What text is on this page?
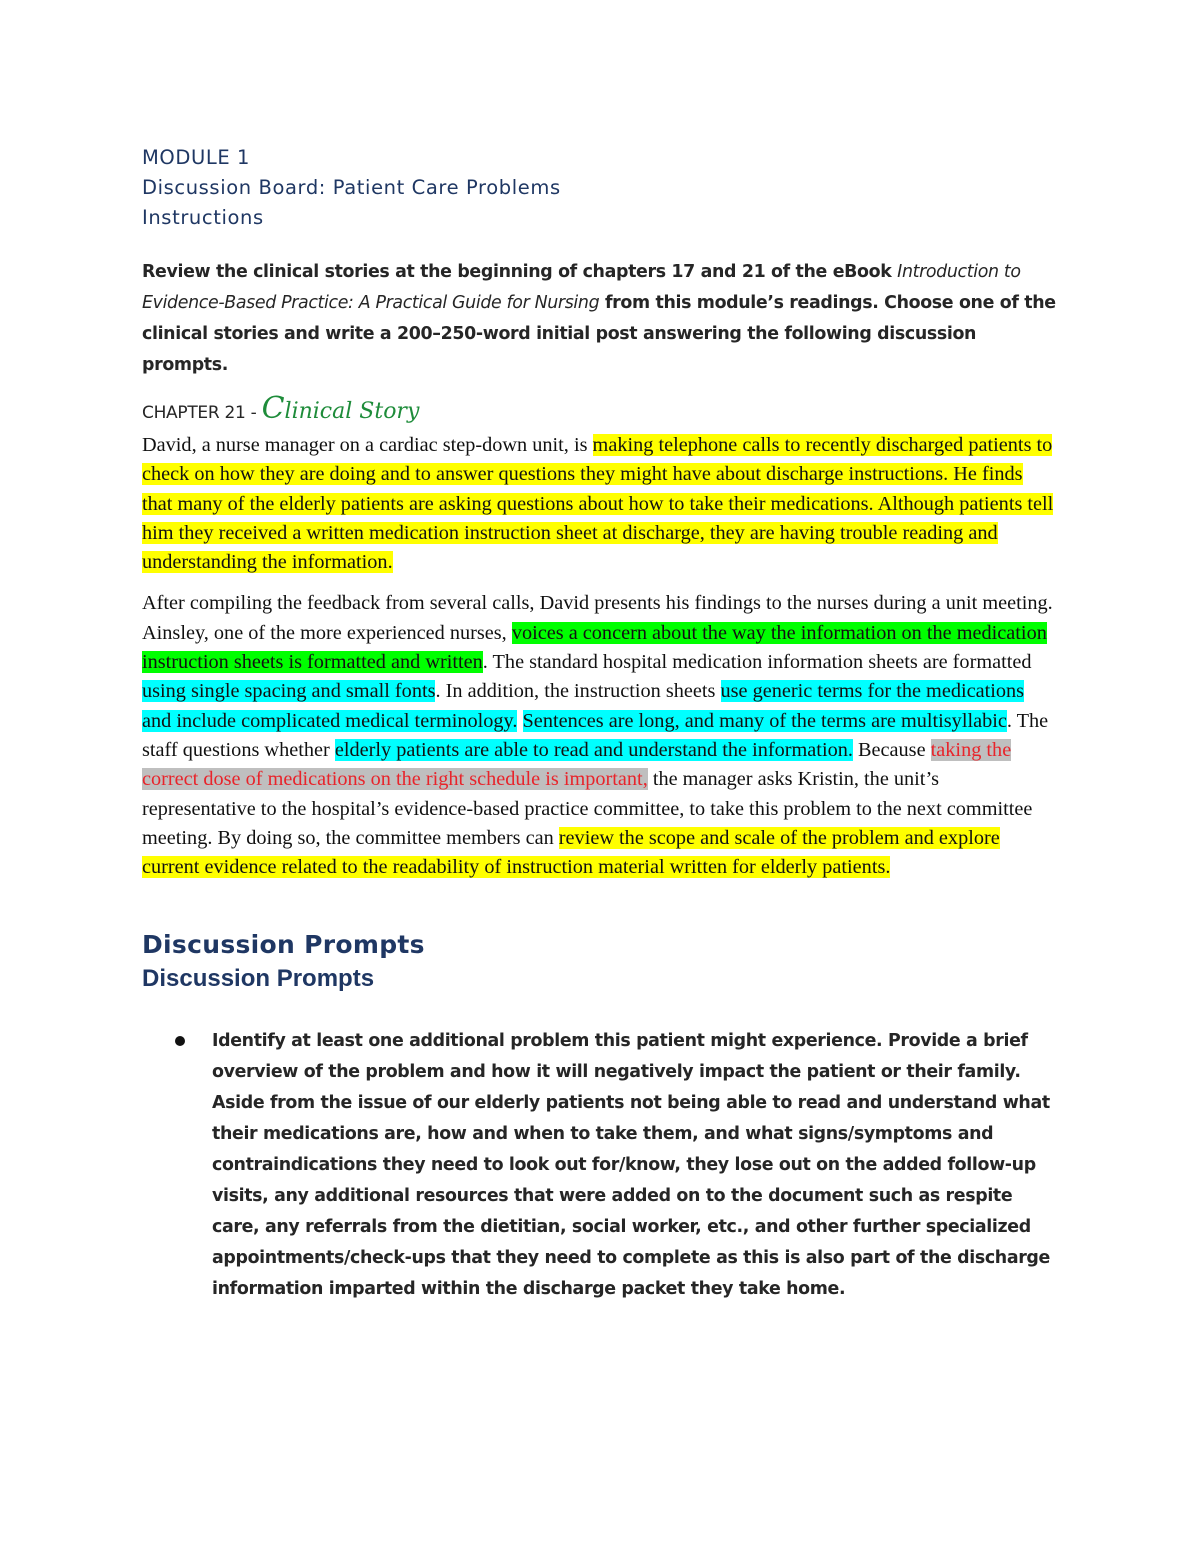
MODULE 1
Discussion Board: Patient Care Problems
Instructions

Review the clinical stories at the beginning of chapters 17 and 21 of the eBook Introduction to Evidence-Based Practice: A Practical Guide for Nursing from this module’s readings. Choose one of the clinical stories and write a 200–250-word initial post answering the following discussion prompts.

CHAPTER 21 - Clinical Story

David, a nurse manager on a cardiac step-down unit, is making telephone calls to recently discharged patients to check on how they are doing and to answer questions they might have about discharge instructions. He finds that many of the elderly patients are asking questions about how to take their medications. Although patients tell him they received a written medication instruction sheet at discharge, they are having trouble reading and understanding the information.

After compiling the feedback from several calls, David presents his findings to the nurses during a unit meeting. Ainsley, one of the more experienced nurses, voices a concern about the way the information on the medication instruction sheets is formatted and written. The standard hospital medication information sheets are formatted using single spacing and small fonts. In addition, the instruction sheets use generic terms for the medications and include complicated medical terminology. Sentences are long, and many of the terms are multisyllabic. The staff questions whether elderly patients are able to read and understand the information. Because taking the correct dose of medications on the right schedule is important, the manager asks Kristin, the unit’s representative to the hospital’s evidence-based practice committee, to take this problem to the next committee meeting. By doing so, the committee members can review the scope and scale of the problem and explore current evidence related to the readability of instruction material written for elderly patients.

Discussion Prompts
Discussion Prompts
Identify at least one additional problem this patient might experience. Provide a brief overview of the problem and how it will negatively impact the patient or their family. Aside from the issue of our elderly patients not being able to read and understand what their medications are, how and when to take them, and what signs/symptoms and contraindications they need to look out for/know, they lose out on the added follow-up visits, any additional resources that were added on to the document such as respite care, any referrals from the dietitian, social worker, etc., and other further specialized appointments/check-ups that they need to complete as this is also part of the discharge information imparted within the discharge packet they take home.
